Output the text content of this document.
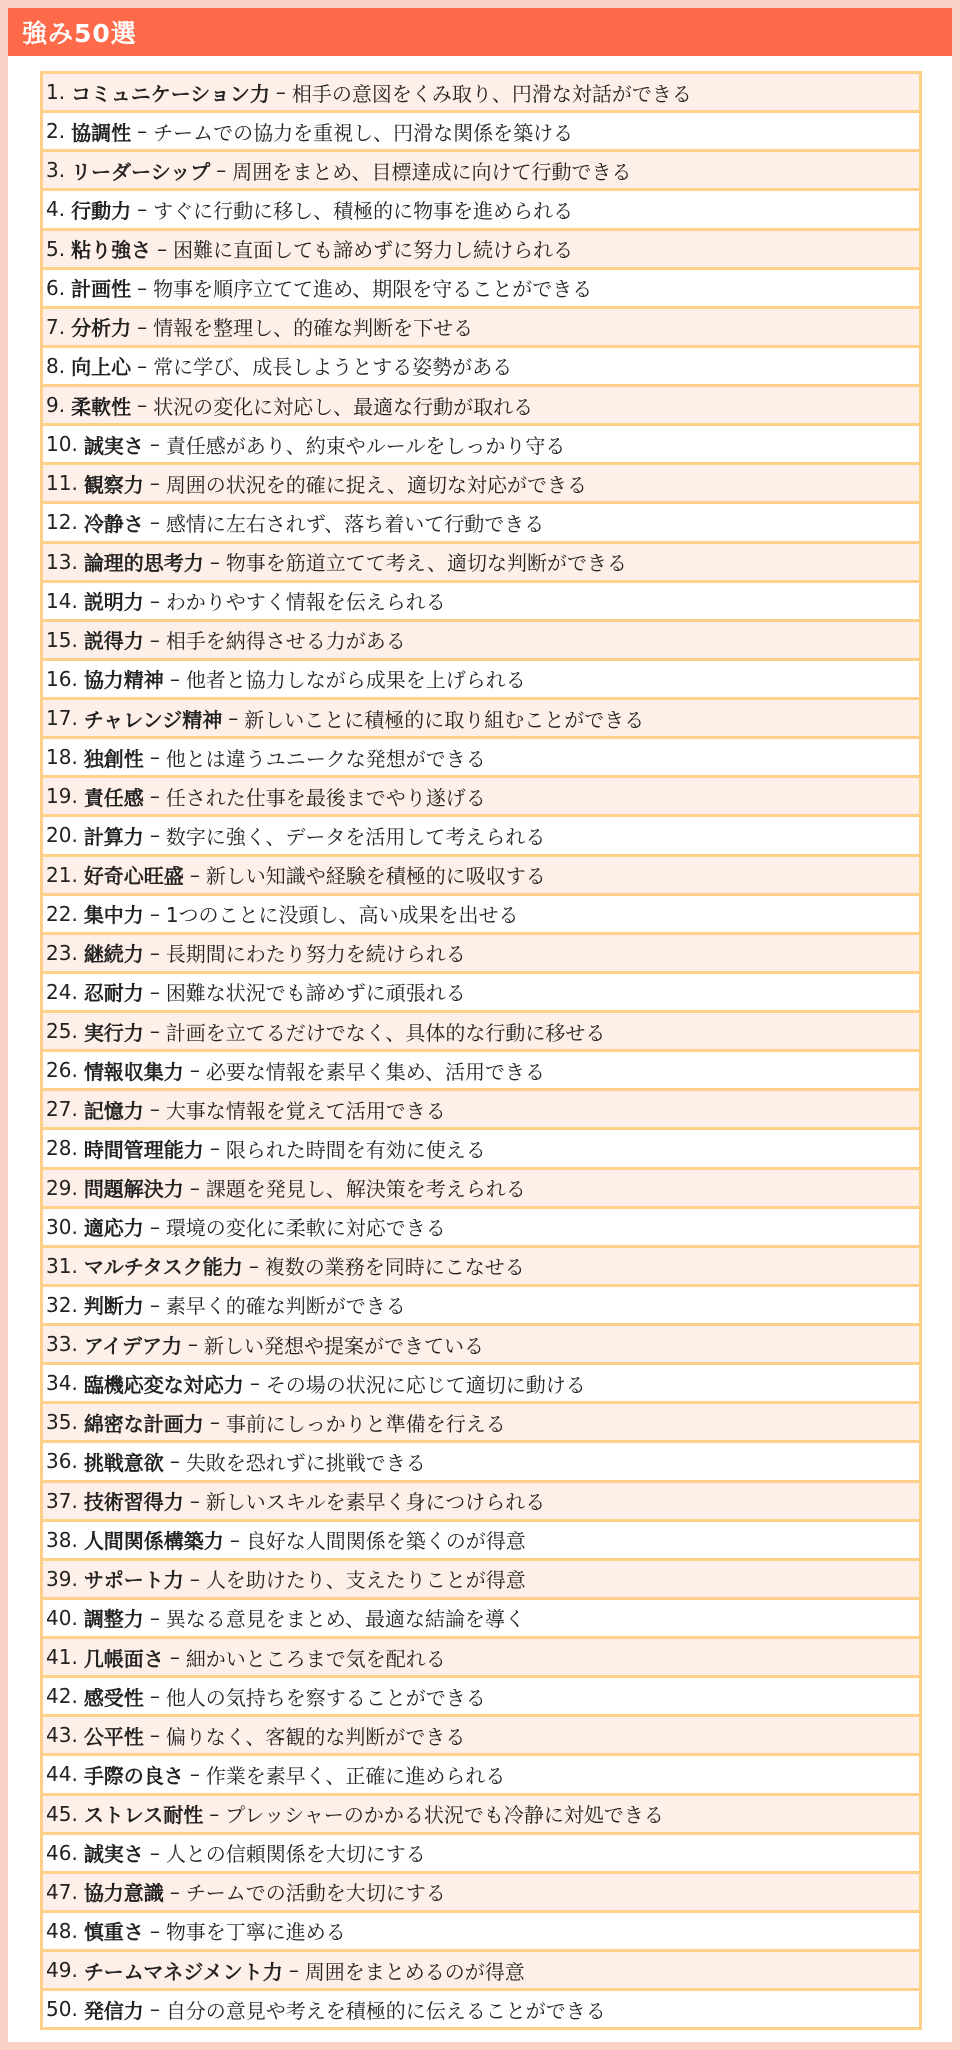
強み50選
1. コミュニケーション力 – 相手の意図をくみ取り、円滑な対話ができる
2. 協調性 – チームでの協力を重視し、円滑な関係を築ける
3. リーダーシップ – 周囲をまとめ、目標達成に向けて行動できる
4. 行動力 – すぐに行動に移し、積極的に物事を進められる
5. 粘り強さ – 困難に直面しても諦めずに努力し続けられる
6. 計画性 – 物事を順序立てて進め、期限を守ることができる
7. 分析力 – 情報を整理し、的確な判断を下せる
8. 向上心 – 常に学び、成長しようとする姿勢がある
9. 柔軟性 – 状況の変化に対応し、最適な行動が取れる
10. 誠実さ – 責任感があり、約束やルールをしっかり守る
11. 観察力 – 周囲の状況を的確に捉え、適切な対応ができる
12. 冷静さ – 感情に左右されず、落ち着いて行動できる
13. 論理的思考力 – 物事を筋道立てて考え、適切な判断ができる
14. 説明力 – わかりやすく情報を伝えられる
15. 説得力 – 相手を納得させる力がある
16. 協力精神 – 他者と協力しながら成果を上げられる
17. チャレンジ精神 – 新しいことに積極的に取り組むことができる
18. 独創性 – 他とは違うユニークな発想ができる
19. 責任感 – 任された仕事を最後までやり遂げる
20. 計算力 – 数字に強く、データを活用して考えられる
21. 好奇心旺盛 – 新しい知識や経験を積極的に吸収する
22. 集中力 – 1つのことに没頭し、高い成果を出せる
23. 継続力 – 長期間にわたり努力を続けられる
24. 忍耐力 – 困難な状況でも諦めずに頑張れる
25. 実行力 – 計画を立てるだけでなく、具体的な行動に移せる
26. 情報収集力 – 必要な情報を素早く集め、活用できる
27. 記憶力 – 大事な情報を覚えて活用できる
28. 時間管理能力 – 限られた時間を有効に使える
29. 問題解決力 – 課題を発見し、解決策を考えられる
30. 適応力 – 環境の変化に柔軟に対応できる
31. マルチタスク能力 – 複数の業務を同時にこなせる
32. 判断力 – 素早く的確な判断ができる
33. アイデア力 – 新しい発想や提案ができている
34. 臨機応変な対応力 – その場の状況に応じて適切に動ける
35. 綿密な計画力 – 事前にしっかりと準備を行える
36. 挑戦意欲 – 失敗を恐れずに挑戦できる
37. 技術習得力 – 新しいスキルを素早く身につけられる
38. 人間関係構築力 – 良好な人間関係を築くのが得意
39. サポート力 – 人を助けたり、支えたりことが得意
40. 調整力 – 異なる意見をまとめ、最適な結論を導く
41. 几帳面さ – 細かいところまで気を配れる
42. 感受性 – 他人の気持ちを察することができる
43. 公平性 – 偏りなく、客観的な判断ができる
44. 手際の良さ – 作業を素早く、正確に進められる
45. ストレス耐性 – プレッシャーのかかる状況でも冷静に対処できる
46. 誠実さ – 人との信頼関係を大切にする
47. 協力意識 – チームでの活動を大切にする
48. 慎重さ – 物事を丁寧に進める
49. チームマネジメント力 – 周囲をまとめるのが得意
50. 発信力 – 自分の意見や考えを積極的に伝えることができる
